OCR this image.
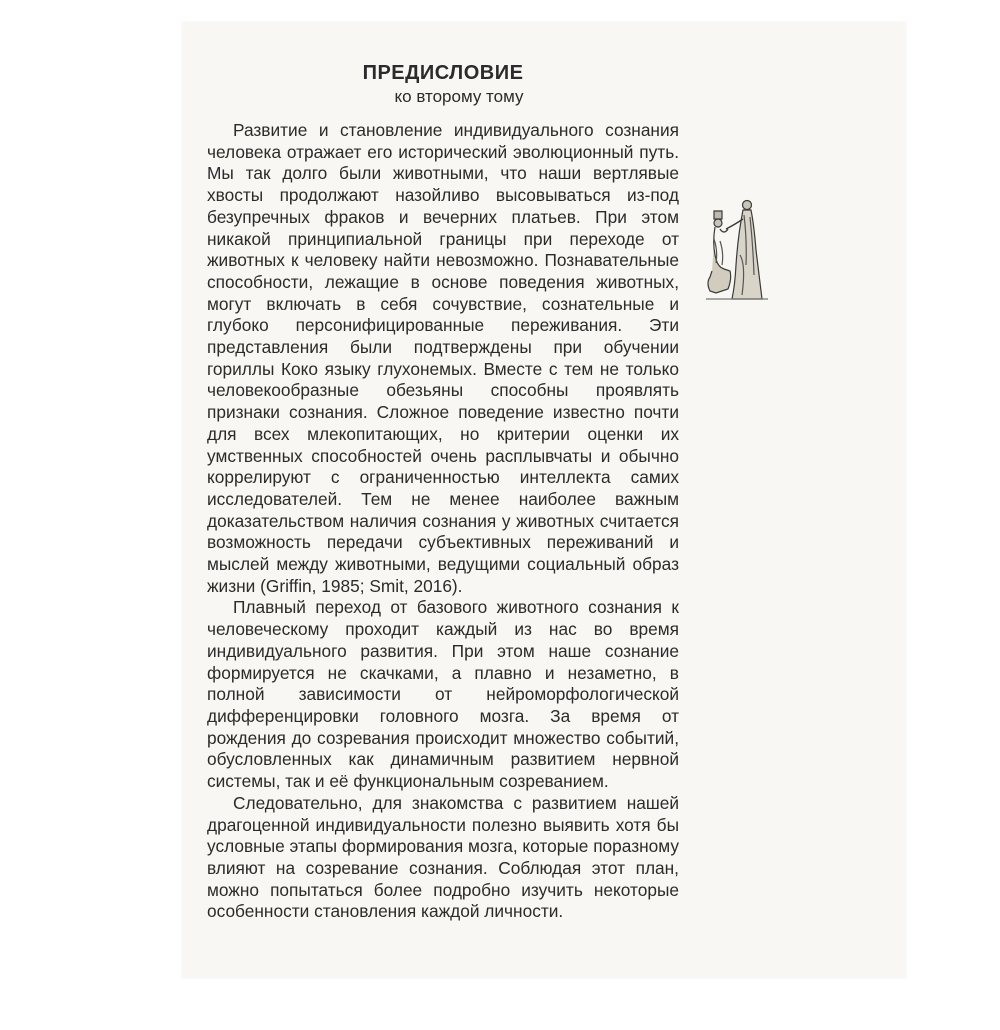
ПРЕДИСЛОВИЕ
ко второму тому

Развитие и становление индивидуального сознания человека отражает его исторический эволюционный путь. Мы так долго были животными, что наши вертлявые хвосты продолжают назойливо высовываться из-под безупречных фраков и вечерних платьев. При этом никакой принципиальной границы при переходе от животных к человеку найти невозможно. Познавательные способности, лежащие в основе поведения животных, могут включать в себя сочувствие, сознательные и глубоко персонифицированные переживания. Эти представления были подтверждены при обучении гориллы Коко языку глухонемых. Вместе с тем не только человекообразные обезьяны способны проявлять признаки сознания. Сложное поведение известно почти для всех млекопитающих, но критерии оценки их умственных способностей очень расплывчаты и обычно коррелируют с ограниченностью интеллекта самих исследователей. Тем не менее наиболее важным доказательством наличия сознания у животных считается возможность передачи субъективных переживаний и мыслей между животными, ведущими социальный образ жизни (Griffin, 1985; Smit, 2016).

Плавный переход от базового животного сознания к человеческому проходит каждый из нас во время индивидуального развития. При этом наше сознание формируется не скачками, а плавно и незаметно, в полной зависимости от нейроморфологической дифференцировки головного мозга. За время от рождения до созревания происходит множество событий, обусловленных как динамичным развитием нервной системы, так и её функциональным созреванием.

Следовательно, для знакомства с развитием нашей драгоценной индивидуальности полезно выявить хотя бы условные этапы формирования мозга, которые поразному влияют на созревание сознания. Соблюдая этот план, можно попытаться более подробно изучить некоторые особенности становления каждой личности.
